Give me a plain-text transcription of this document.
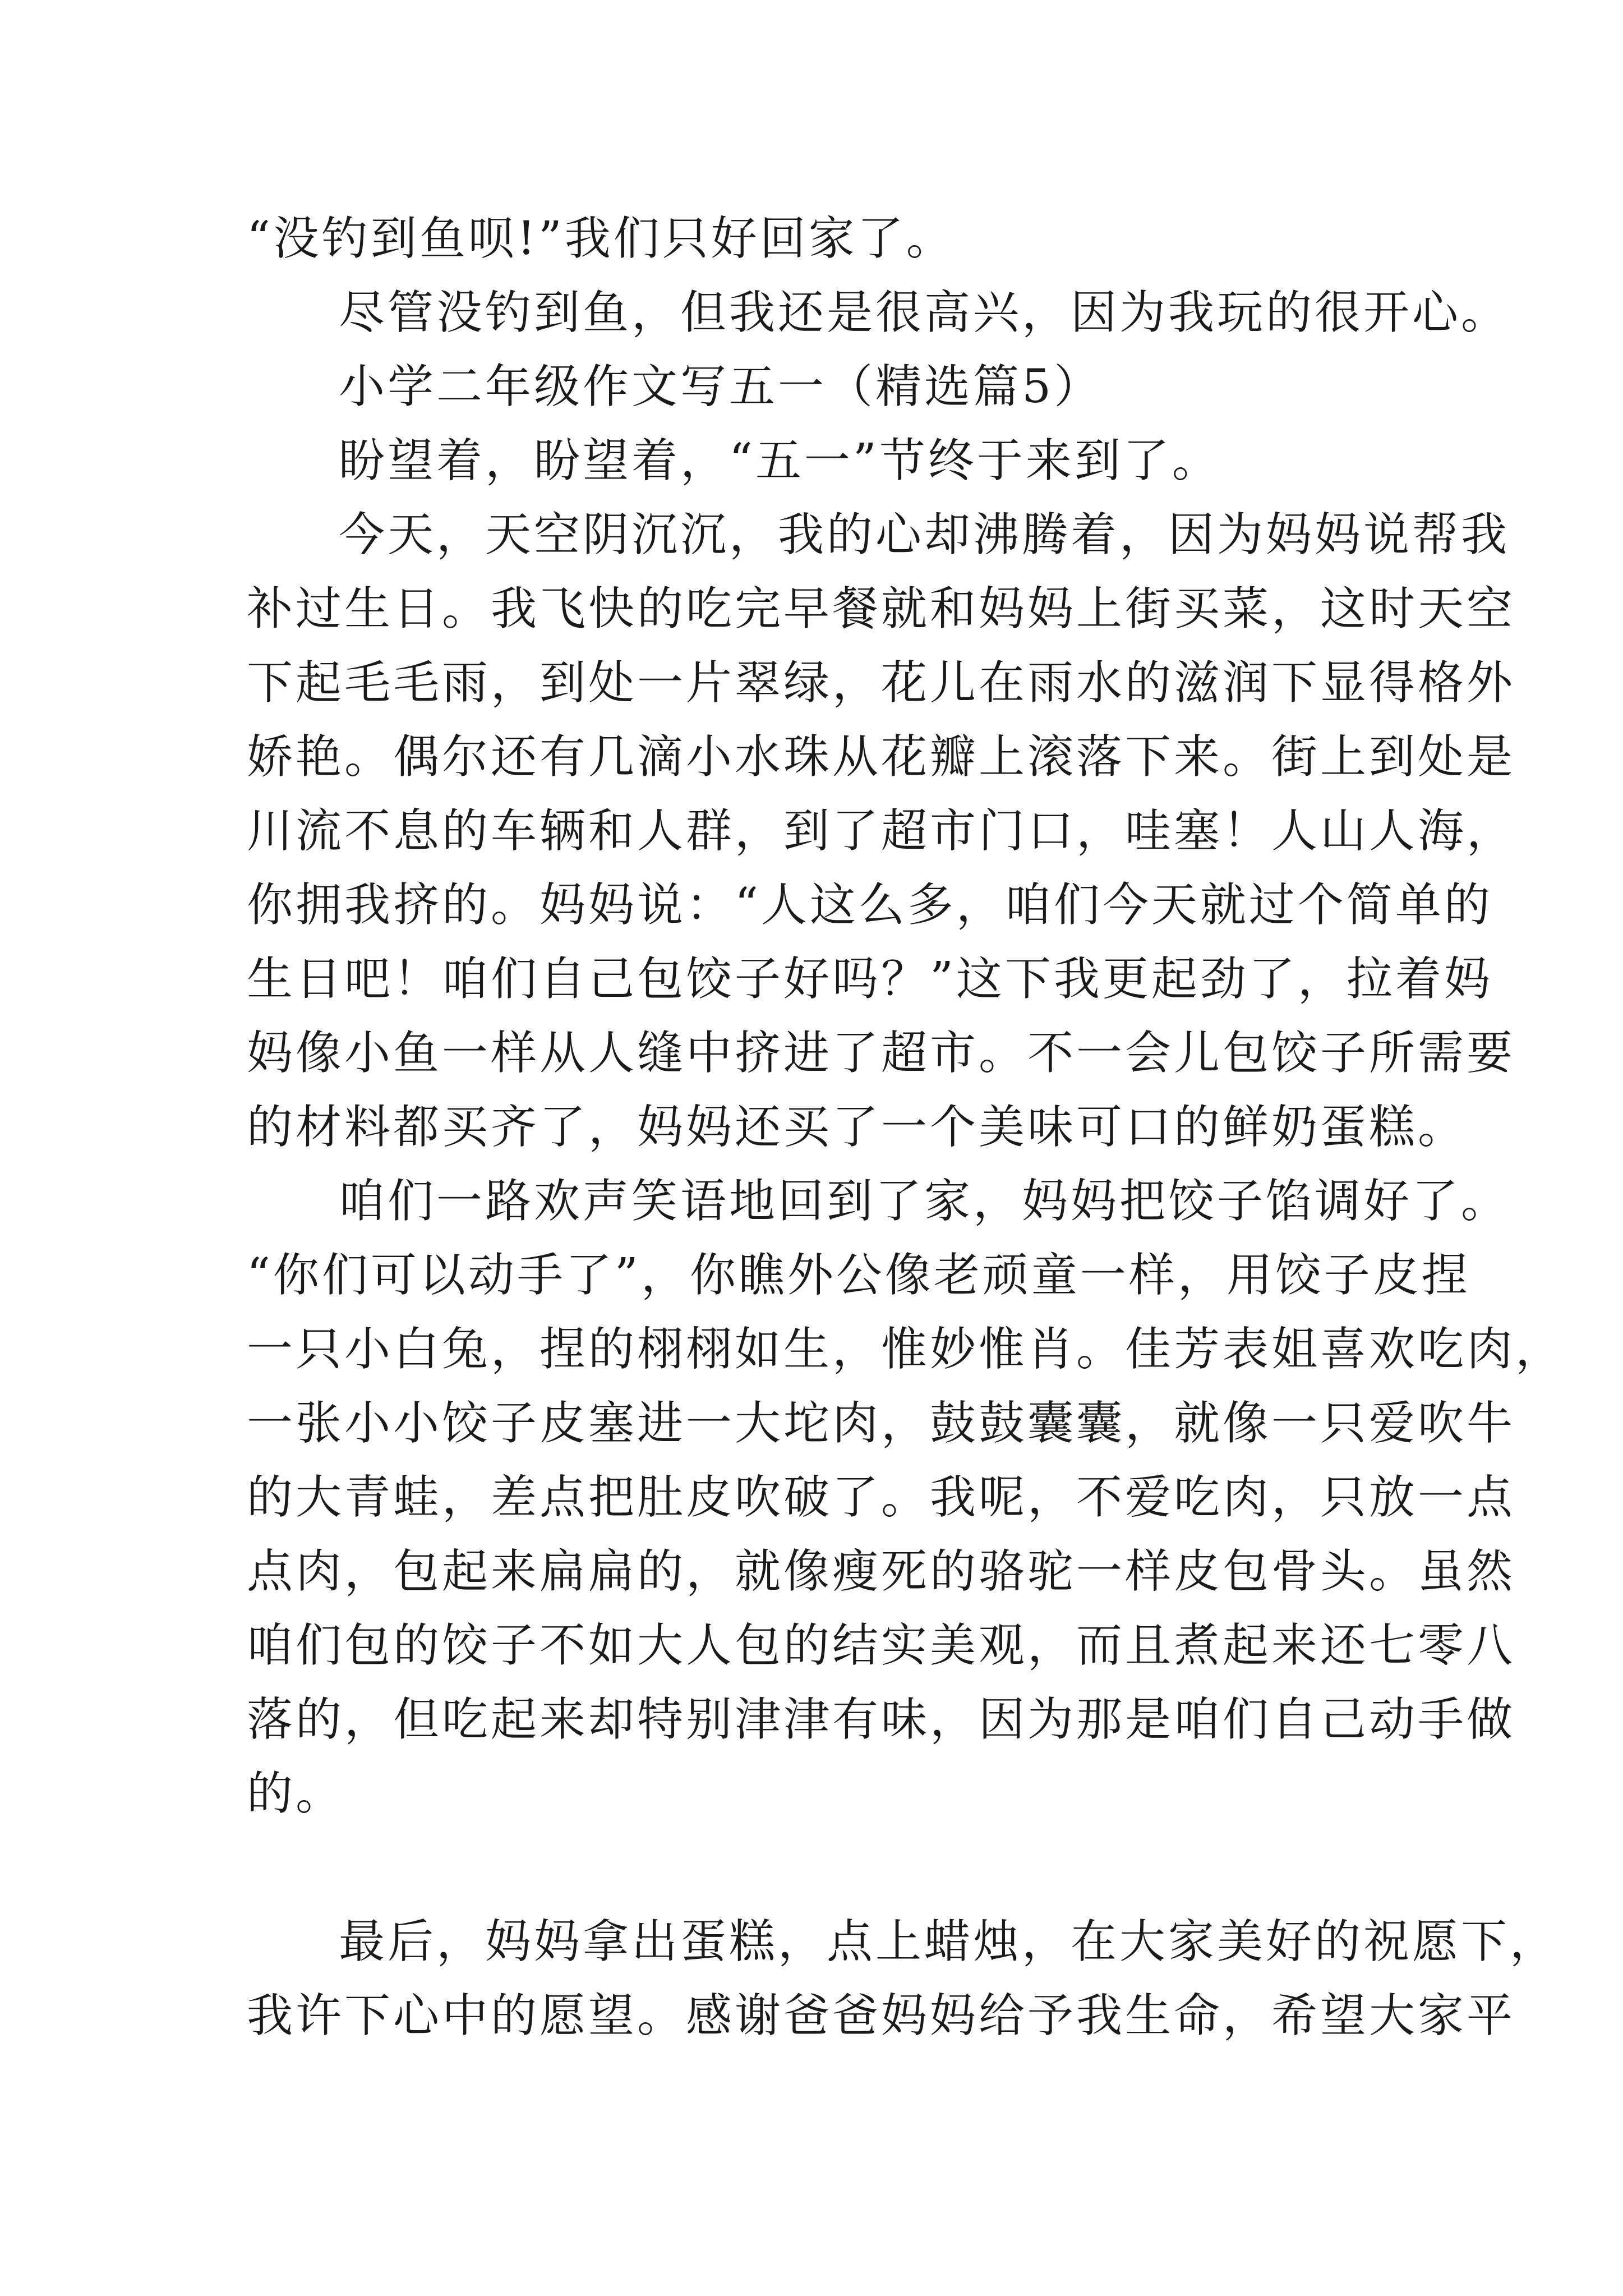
“没钓到鱼呗!”我们只好回家了。
尽管没钓到鱼，但我还是很高兴，因为我玩的很开心。
小学二年级作文写五一（精选篇5）
盼望着，盼望着，“五一”节终于来到了。
今天，天空阴沉沉，我的心却沸腾着，因为妈妈说帮我
补过生日。我飞快的吃完早餐就和妈妈上街买菜，这时天空
下起毛毛雨，到处一片翠绿，花儿在雨水的滋润下显得格外
娇艳。偶尔还有几滴小水珠从花瓣上滚落下来。街上到处是
川流不息的车辆和人群，到了超市门口，哇塞！人山人海，
你拥我挤的。妈妈说：“人这么多，咱们今天就过个简单的
生日吧！咱们自己包饺子好吗？”这下我更起劲了，拉着妈
妈像小鱼一样从人缝中挤进了超市。不一会儿包饺子所需要
的材料都买齐了，妈妈还买了一个美味可口的鲜奶蛋糕。
咱们一路欢声笑语地回到了家，妈妈把饺子馅调好了。
“你们可以动手了”，你瞧外公像老顽童一样，用饺子皮捏
一只小白兔，捏的栩栩如生，惟妙惟肖。佳芳表姐喜欢吃肉，
一张小小饺子皮塞进一大坨肉，鼓鼓囊囊，就像一只爱吹牛
的大青蛙，差点把肚皮吹破了。我呢，不爱吃肉，只放一点
点肉，包起来扁扁的，就像瘦死的骆驼一样皮包骨头。虽然
咱们包的饺子不如大人包的结实美观，而且煮起来还七零八
落的，但吃起来却特别津津有味，因为那是咱们自己动手做
的。
最后，妈妈拿出蛋糕，点上蜡烛，在大家美好的祝愿下，
我许下心中的愿望。感谢爸爸妈妈给予我生命，希望大家平
